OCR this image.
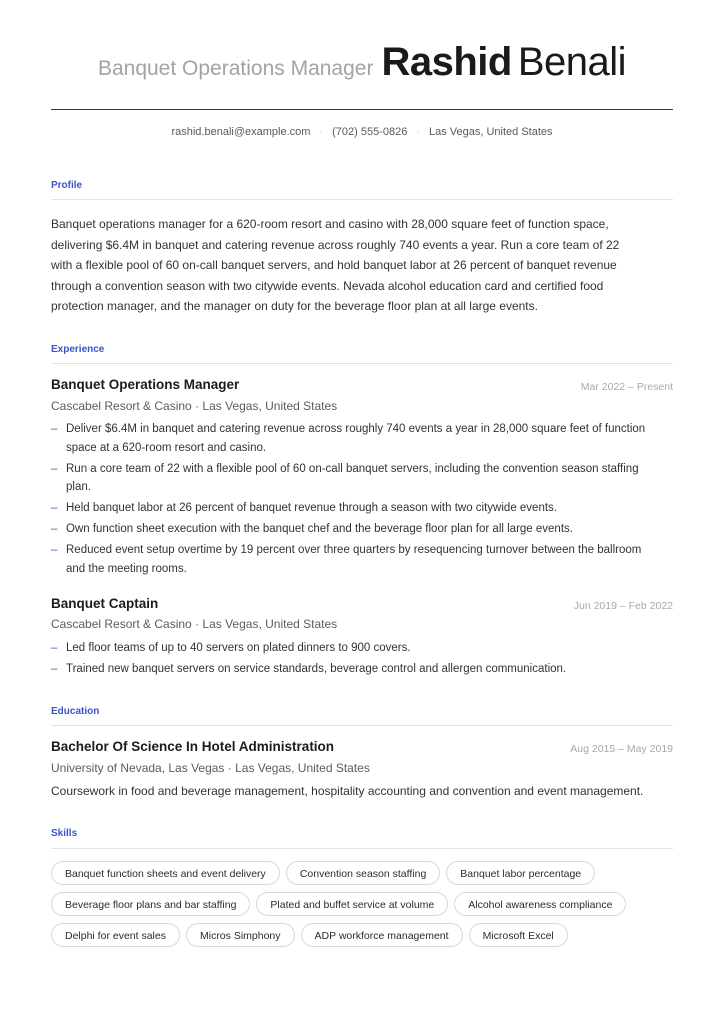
Banquet Operations Manager Rashid Benali
rashid.benali@example.com · (702) 555-0826 · Las Vegas, United States
Profile
Banquet operations manager for a 620-room resort and casino with 28,000 square feet of function space,
delivering $6.4M in banquet and catering revenue across roughly 740 events a year. Run a core team of 22
with a flexible pool of 60 on-call banquet servers, and hold banquet labor at 26 percent of banquet revenue
through a convention season with two citywide events. Nevada alcohol education card and certified food
protection manager, and the manager on duty for the beverage floor plan at all large events.
Experience
Banquet Operations Manager	Mar 2022 – Present
Cascabel Resort & Casino · Las Vegas, United States
– Deliver $6.4M in banquet and catering revenue across roughly 740 events a year in 28,000 square feet of function space at a 620-room resort and casino.
– Run a core team of 22 with a flexible pool of 60 on-call banquet servers, including the convention season staffing plan.
– Held banquet labor at 26 percent of banquet revenue through a season with two citywide events.
– Own function sheet execution with the banquet chef and the beverage floor plan for all large events.
– Reduced event setup overtime by 19 percent over three quarters by resequencing turnover between the ballroom and the meeting rooms.
Banquet Captain	Jun 2019 – Feb 2022
Cascabel Resort & Casino · Las Vegas, United States
– Led floor teams of up to 40 servers on plated dinners to 900 covers.
– Trained new banquet servers on service standards, beverage control and allergen communication.
Education
Bachelor Of Science In Hotel Administration	Aug 2015 – May 2019
University of Nevada, Las Vegas · Las Vegas, United States
Coursework in food and beverage management, hospitality accounting and convention and event management.
Skills
Banquet function sheets and event delivery	Convention season staffing	Banquet labor percentage
Beverage floor plans and bar staffing	Plated and buffet service at volume	Alcohol awareness compliance
Delphi for event sales	Micros Simphony	ADP workforce management	Microsoft Excel
